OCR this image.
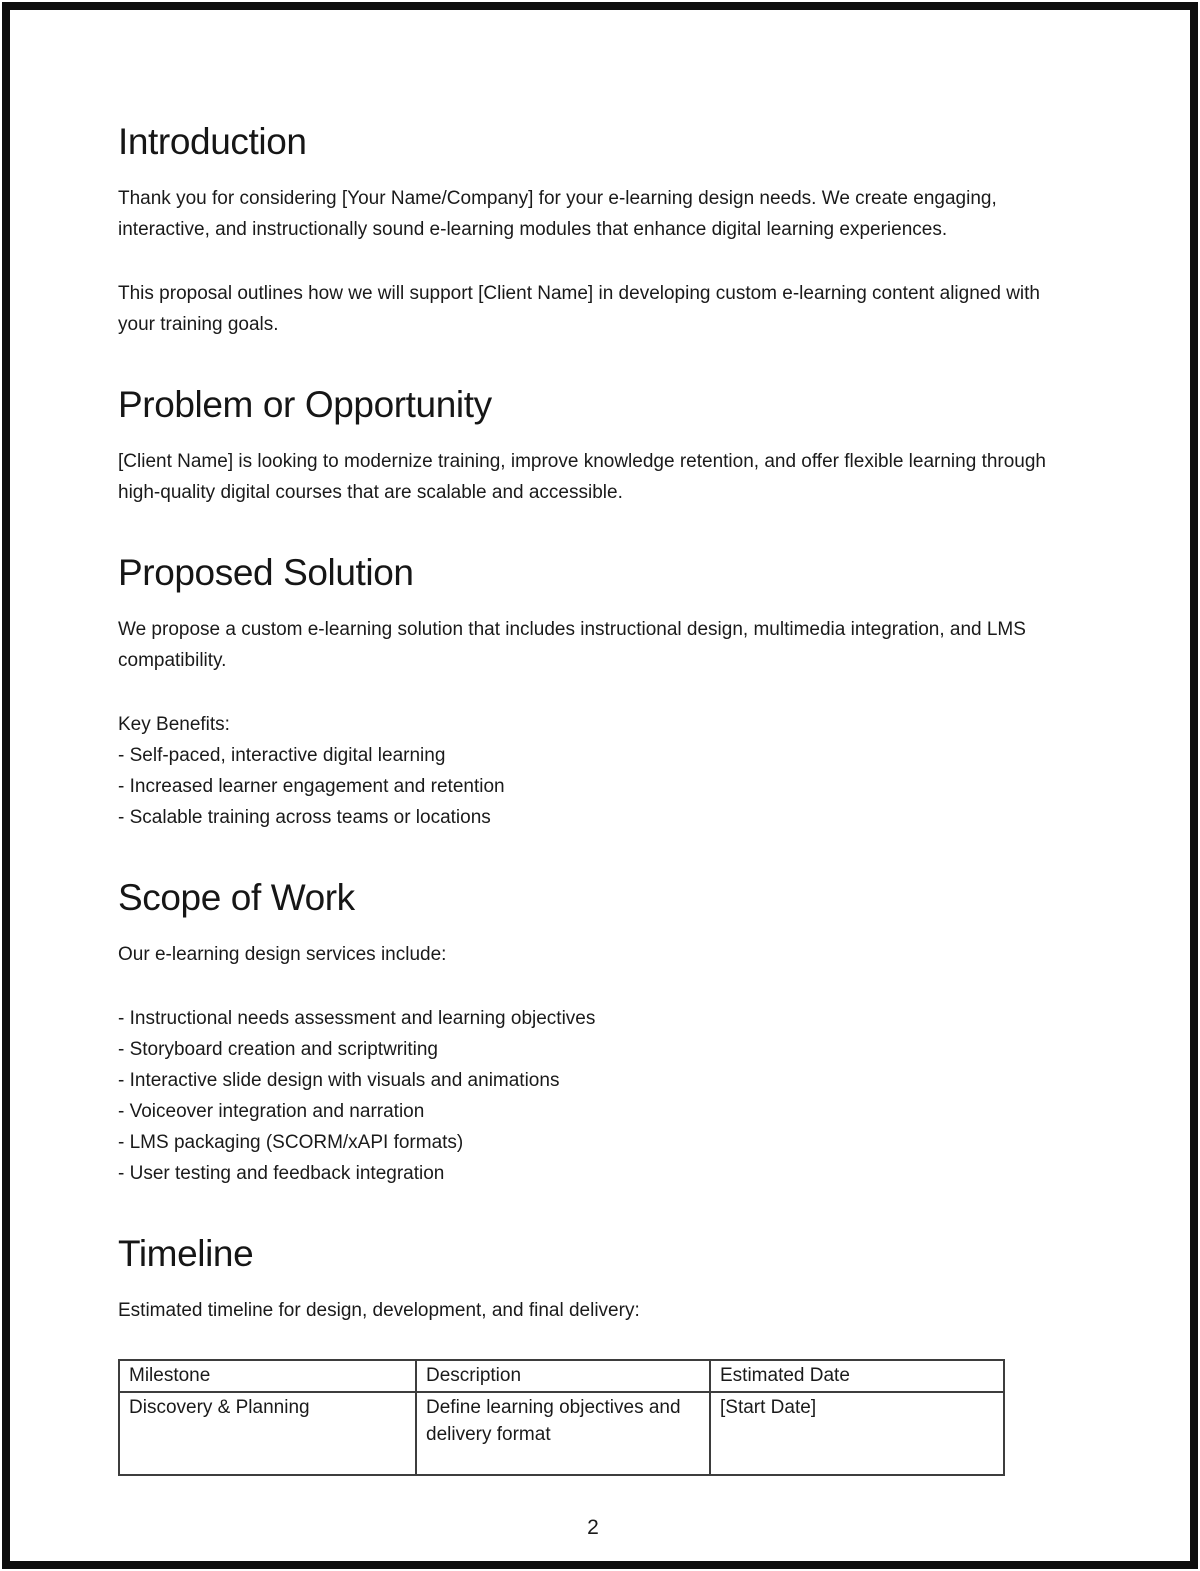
Introduction

Thank you for considering [Your Name/Company] for your e-learning design needs. We create engaging, interactive, and instructionally sound e-learning modules that enhance digital learning experiences.

This proposal outlines how we will support [Client Name] in developing custom e-learning content aligned with your training goals.

Problem or Opportunity

[Client Name] is looking to modernize training, improve knowledge retention, and offer flexible learning through high-quality digital courses that are scalable and accessible.

Proposed Solution

We propose a custom e-learning solution that includes instructional design, multimedia integration, and LMS compatibility.

Key Benefits:
- Self-paced, interactive digital learning
- Increased learner engagement and retention
- Scalable training across teams or locations
Scope of Work

Our e-learning design services include:

- Instructional needs assessment and learning objectives
- Storyboard creation and scriptwriting
- Interactive slide design with visuals and animations
- Voiceover integration and narration
- LMS packaging (SCORM/xAPI formats)
- User testing and feedback integration
Timeline

Estimated timeline for design, development, and final delivery:

Milestone	Description	Estimated Date
Discovery & Planning	Define learning objectives and delivery format	[Start Date]
2
